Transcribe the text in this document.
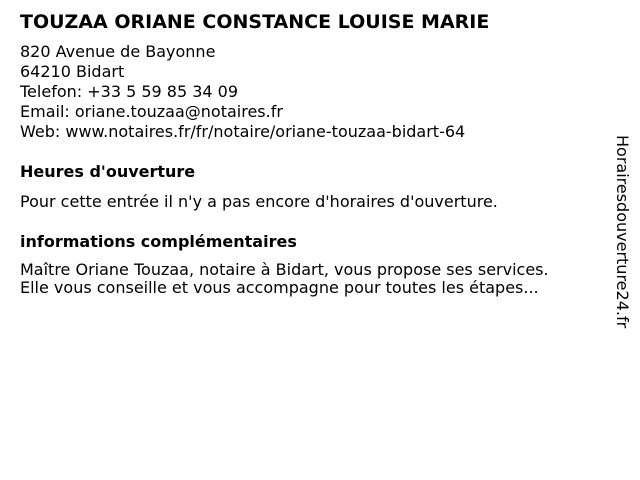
TOUZAA ORIANE CONSTANCE LOUISE MARIE
820 Avenue de Bayonne
64210 Bidart
Telefon: +33 5 59 85 34 09
Email: oriane.touzaa@notaires.fr
Web: www.notaires.fr/fr/notaire/oriane-touzaa-bidart-64
Heures d'ouverture
Pour cette entrée il n'y a pas encore d'horaires d'ouverture.
informations complémentaires
Maître Oriane Touzaa, notaire à Bidart, vous propose ses services.
Elle vous conseille et vous accompagne pour toutes les étapes...	Horairesdouverture24.fr
